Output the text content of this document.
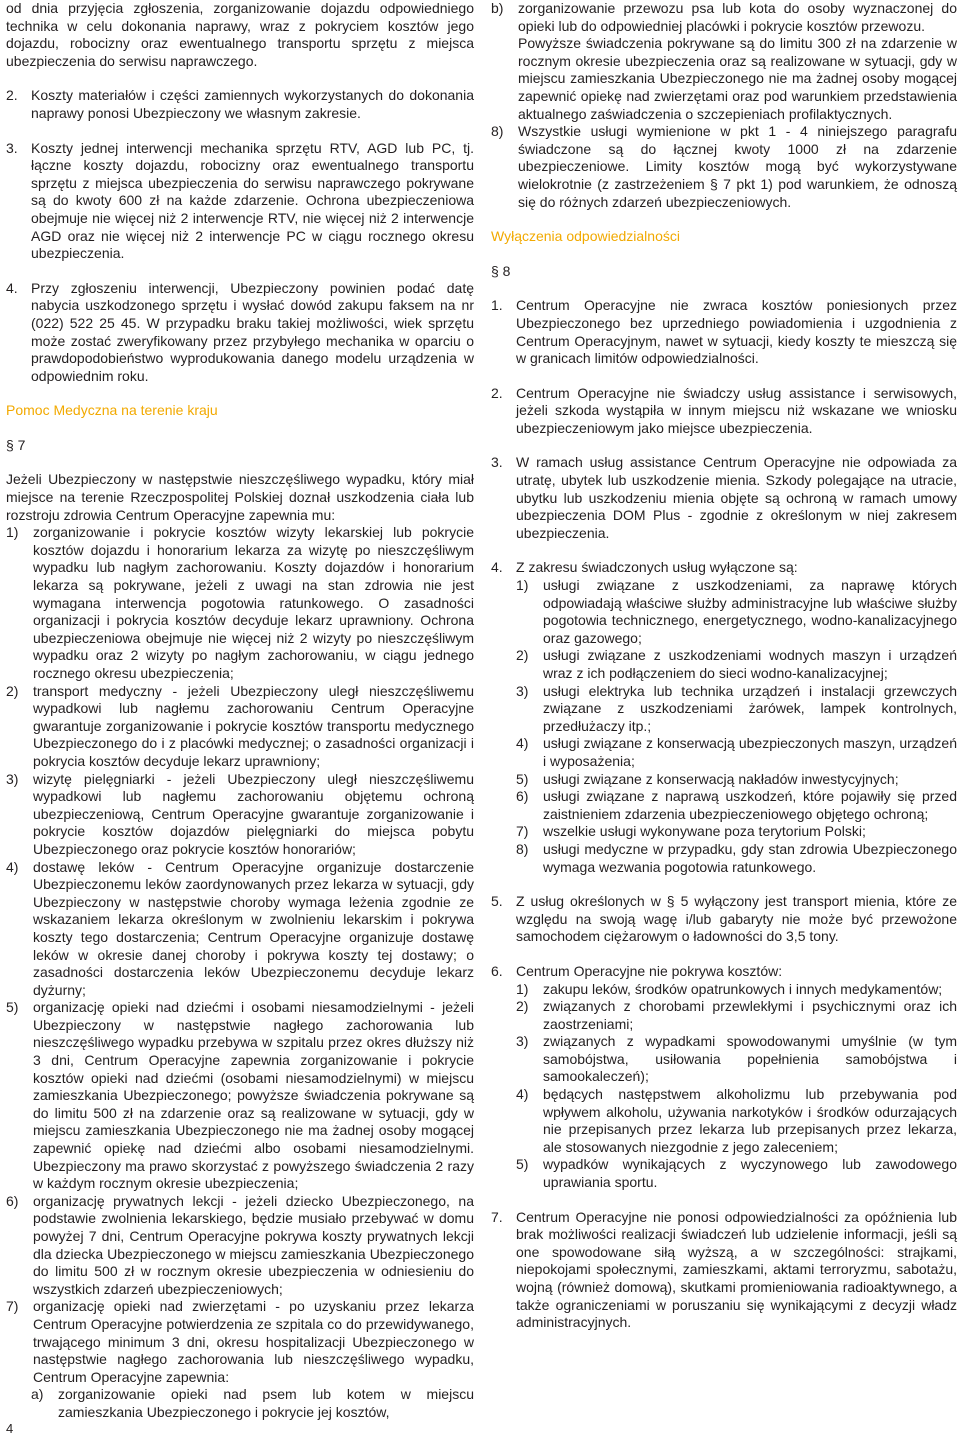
od dnia przyjęcia zgłoszenia, zorganizowanie dojazdu odpowiedniego technika w celu dokonania naprawy, wraz z pokryciem kosztów jego dojazdu, robocizny oraz ewentualnego transportu sprzętu z miejsca ubezpieczenia do serwisu naprawczego.

2. Koszty materiałów i części zamiennych wykorzystanych do dokonania naprawy ponosi Ubezpieczony we własnym zakresie.
3. Koszty jednej interwencji mechanika sprzętu RTV, AGD lub PC, tj. łączne koszty dojazdu, robocizny oraz ewentualnego transportu sprzętu z miejsca ubezpieczenia do serwisu naprawczego pokrywane są do kwoty 600 zł na każde zdarzenie. Ochrona ubezpieczeniowa obejmuje nie więcej niż 2 interwencje RTV, nie więcej niż 2 interwencje AGD oraz nie więcej niż 2 interwencje PC w ciągu rocznego okresu ubezpieczenia.
4. Przy zgłoszeniu interwencji, Ubezpieczony powinien podać datę nabycia uszkodzonego sprzętu i wysłać dowód zakupu faksem na nr (022) 522 25 45. W przypadku braku takiej możliwości, wiek sprzętu może zostać zweryfikowany przez przybyłego mechanika w oparciu o prawdopodobieństwo wyprodukowania danego modelu urządzenia w odpowiednim roku.

Pomoc Medyczna na terenie kraju

§ 7

Jeżeli Ubezpieczony w następstwie nieszczęśliwego wypadku, który miał miejsce na terenie Rzeczpospolitej Polskiej doznał uszkodzenia ciała lub rozstroju zdrowia Centrum Operacyjne zapewnia mu:

1)	zorganizowanie i pokrycie kosztów wizyty lekarskiej lub pokrycie kosztów dojazdu i honorarium lekarza za wizytę po nieszczęśliwym wypadku lub nagłym zachorowaniu. Koszty dojazdów i honorarium lekarza są pokrywane, jeżeli z uwagi na stan zdrowia nie jest wymagana interwencja pogotowia ratunkowego. O zasadności organizacji i pokrycia kosztów decyduje lekarz uprawniony. Ochrona ubezpieczeniowa obejmuje nie więcej niż 2 wizyty po nieszczęśliwym wypadku oraz 2 wizyty po nagłym zachorowaniu, w ciągu jednego rocznego okresu ubezpieczenia;
2)	transport medyczny - jeżeli Ubezpieczony uległ nieszczęśliwemu wypadkowi lub nagłemu zachorowaniu Centrum Operacyjne gwarantuje zorganizowanie i pokrycie kosztów transportu medycznego Ubezpieczonego do i z placówki medycznej; o zasadności organizacji i pokrycia kosztów decyduje lekarz uprawniony;
3)	wizytę pielęgniarki - jeżeli Ubezpieczony uległ nieszczęśliwemu wypadkowi lub nagłemu zachorowaniu objętemu ochroną ubezpieczeniową, Centrum Operacyjne gwarantuje zorganizowanie i pokrycie kosztów dojazdów pielęgniarki do miejsca pobytu Ubezpieczonego oraz pokrycie kosztów honorariów;
4)	dostawę leków - Centrum Operacyjne organizuje dostarczenie Ubezpieczonemu leków zaordynowanych przez lekarza w sytuacji, gdy Ubezpieczony w następstwie choroby wymaga leżenia zgodnie ze wskazaniem lekarza określonym w zwolnieniu lekarskim i pokrywa koszty tego dostarczenia; Centrum Operacyjne organizuje dostawę leków w okresie danej choroby i pokrywa koszty tej dostawy; o zasadności dostarczenia leków Ubezpieczonemu decyduje lekarz dyżurny;
5)	organizację opieki nad dziećmi i osobami niesamodzielnymi - jeżeli Ubezpieczony w następstwie nagłego zachorowania lub nieszczęśliwego wypadku przebywa w szpitalu przez okres dłuższy niż 3 dni, Centrum Operacyjne zapewnia zorganizowanie i pokrycie kosztów opieki nad dziećmi (osobami niesamodzielnymi) w miejscu zamieszkania Ubezpieczonego; powyższe świadczenia pokrywane są do limitu 500 zł na zdarzenie oraz są realizowane w sytuacji, gdy w miejscu zamieszkania Ubezpieczonego nie ma żadnej osoby mogącej zapewnić opiekę nad dziećmi albo osobami niesamodzielnymi. Ubezpieczony ma prawo skorzystać z powyższego świadczenia 2 razy w każdym rocznym okresie ubezpieczenia;
6)	organizację prywatnych lekcji - jeżeli dziecko Ubezpieczonego, na podstawie zwolnienia lekarskiego, będzie musiało przebywać w domu powyżej 7 dni, Centrum Operacyjne pokrywa koszty prywatnych lekcji dla dziecka Ubezpieczonego w miejscu zamieszkania Ubezpieczonego do limitu 500 zł w rocznym okresie ubezpieczenia w odniesieniu do wszystkich zdarzeń ubezpieczeniowych;
7)	organizację opieki nad zwierzętami - po uzyskaniu przez lekarza Centrum Operacyjne potwierdzenia ze szpitala co do przewidywanego, trwającego minimum 3 dni, okresu hospitalizacji Ubezpieczonego w następstwie nagłego zachorowania lub nieszczęśliwego wypadku, Centrum Operacyjne zapewnia:
a)	zorganizowanie opieki nad psem lub kotem w miejscu zamieszkania Ubezpieczonego i pokrycie jej kosztów,
b)	zorganizowanie przewozu psa lub kota do osoby wyznaczonej do opieki lub do odpowiedniej placówki i pokrycie kosztów przewozu.

Powyższe świadczenia pokrywane są do limitu 300 zł na zdarzenie w rocznym okresie ubezpieczenia oraz są realizowane w sytuacji, gdy w miejscu zamieszkania Ubezpieczonego nie ma żadnej osoby mogącej zapewnić opiekę nad zwierzętami oraz pod warunkiem przedstawienia aktualnego zaświadczenia o szczepieniach profilaktycznych.

8)	Wszystkie usługi wymienione w pkt 1 - 4 niniejszego paragrafu świadczone są do łącznej kwoty 1000 zł na zdarzenie ubezpieczeniowe. Limity kosztów mogą być wykorzystywane wielokrotnie (z zastrzeżeniem § 7 pkt 1) pod warunkiem, że odnoszą się do różnych zdarzeń ubezpieczeniowych.

Wyłączenia odpowiedzialności

§ 8

1. Centrum Operacyjne nie zwraca kosztów poniesionych przez Ubezpieczonego bez uprzedniego powiadomienia i uzgodnienia z Centrum Operacyjnym, nawet w sytuacji, kiedy koszty te mieszczą się w granicach limitów odpowiedzialności.
2. Centrum Operacyjne nie świadczy usług assistance i serwisowych, jeżeli szkoda wystąpiła w innym miejscu niż wskazane we wniosku ubezpieczeniowym jako miejsce ubezpieczenia.
3. W ramach usług assistance Centrum Operacyjne nie odpowiada za utratę, ubytek lub uszkodzenie mienia. Szkody polegające na utracie, ubytku lub uszkodzeniu mienia objęte są ochroną w ramach umowy ubezpieczenia DOM Plus - zgodnie z określonym w niej zakresem ubezpieczenia.
4. Z zakresu świadczonych usług wyłączone są:
1)	usługi związane z uszkodzeniami, za naprawę których odpowiadają właściwe służby administracyjne lub właściwe służby pogotowia technicznego, energetycznego, wodno-kanalizacyjnego oraz gazowego;
2)	usługi związane z uszkodzeniami wodnych maszyn i urządzeń wraz z ich podłączeniem do sieci wodno-kanalizacyjnej;
3)	usługi elektryka lub technika urządzeń i instalacji grzewczych związane z uszkodzeniami żarówek, lampek kontrolnych, przedłużaczy itp.;
4)	usługi związane z konserwacją ubezpieczonych maszyn, urządzeń i wyposażenia;
5)	usługi związane z konserwacją nakładów inwestycyjnych;
6)	usługi związane z naprawą uszkodzeń, które pojawiły się przed zaistnieniem zdarzenia ubezpieczeniowego objętego ochroną;
7)	wszelkie usługi wykonywane poza terytorium Polski;
8)	usługi medyczne w przypadku, gdy stan zdrowia Ubezpieczonego wymaga wezwania pogotowia ratunkowego.
5. Z usług określonych w § 5 wyłączony jest transport mienia, które ze względu na swoją wagę i/lub gabaryty nie może być przewożone samochodem ciężarowym o ładowności do 3,5 tony.
6. Centrum Operacyjne nie pokrywa kosztów:
1)	zakupu leków, środków opatrunkowych i innych medykamentów;
2)	związanych z chorobami przewlekłymi i psychicznymi oraz ich zaostrzeniami;
3)	związanych z wypadkami spowodowanymi umyślnie (w tym samobójstwa, usiłowania popełnienia samobójstwa i samookaleczeń);
4)	będących następstwem alkoholizmu lub przebywania pod wpływem alkoholu, używania narkotyków i środków odurzających nie przepisanych przez lekarza lub przepisanych przez lekarza, ale stosowanych niezgodnie z jego zaleceniem;
5)	wypadków wynikających z wyczynowego lub zawodowego uprawiania sportu.
7. Centrum Operacyjne nie ponosi odpowiedzialności za opóźnienia lub brak możliwości realizacji świadczeń lub udzielenie informacji, jeśli są one spowodowane siłą wyższą, a w szczególności: strajkami, niepokojami społecznymi, zamieszkami, aktami terroryzmu, sabotażu, wojną (również domową), skutkami promieniowania radioaktywnego, a także ograniczeniami w poruszaniu się wynikającymi z decyzji władz administracyjnych.
4
